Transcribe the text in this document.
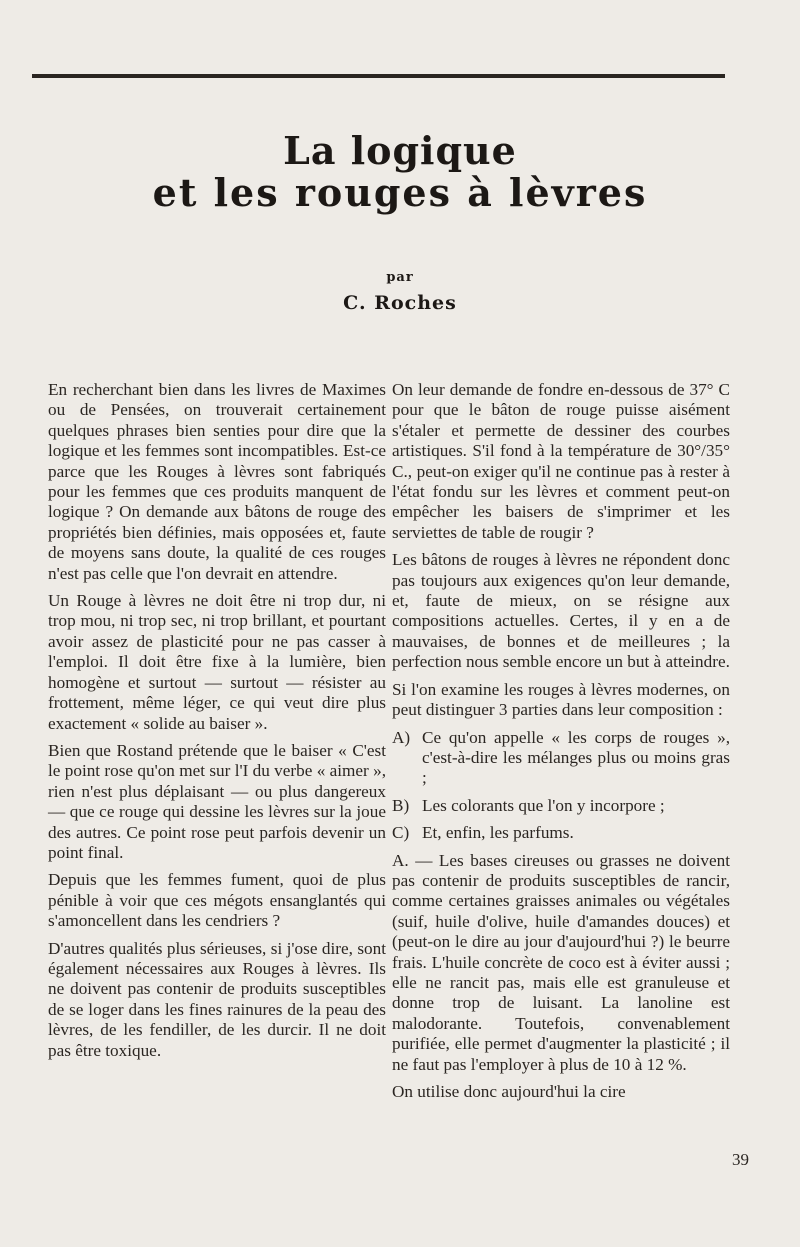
La logique
et les rouges à lèvres
par
C. Roches

En recherchant bien dans les livres de Maximes ou de Pensées, on trouverait certainement quelques phrases bien senties pour dire que la logique et les femmes sont incompatibles. Est-ce parce que les Rouges à lèvres sont fabriqués pour les femmes que ces produits manquent de logique ? On demande aux bâtons de rouge des propriétés bien définies, mais opposées et, faute de moyens sans doute, la qualité de ces rouges n'est pas celle que l'on devrait en attendre.

Un Rouge à lèvres ne doit être ni trop dur, ni trop mou, ni trop sec, ni trop brillant, et pourtant avoir assez de plasticité pour ne pas casser à l'emploi. Il doit être fixe à la lumière, bien homogène et surtout — surtout — résister au frottement, même léger, ce qui veut dire plus exactement « solide au baiser ».

Bien que Rostand prétende que le baiser « C'est le point rose qu'on met sur l'I du verbe « aimer », rien n'est plus déplaisant — ou plus dangereux — que ce rouge qui dessine les lèvres sur la joue des autres. Ce point rose peut parfois devenir un point final.

Depuis que les femmes fument, quoi de plus pénible à voir que ces mégots ensanglantés qui s'amoncellent dans les cendriers ?

D'autres qualités plus sérieuses, si j'ose dire, sont également nécessaires aux Rouges à lèvres. Ils ne doivent pas contenir de produits susceptibles de se loger dans les fines rainures de la peau des lèvres, de les fendiller, de les durcir. Il ne doit pas être toxique.

On leur demande de fondre en-dessous de 37° C pour que le bâton de rouge puisse aisément s'étaler et permette de dessiner des courbes artistiques. S'il fond à la température de 30°/35° C., peut-on exiger qu'il ne continue pas à rester à l'état fondu sur les lèvres et comment peut-on empêcher les baisers de s'imprimer et les serviettes de table de rougir ?

Les bâtons de rouges à lèvres ne répondent donc pas toujours aux exigences qu'on leur demande, et, faute de mieux, on se résigne aux compositions actuelles. Certes, il y en a de mauvaises, de bonnes et de meilleures ; la perfection nous semble encore un but à atteindre.

Si l'on examine les rouges à lèvres modernes, on peut distinguer 3 parties dans leur composition :

A) Ce qu'on appelle « les corps de rouges », c'est-à-dire les mélanges plus ou moins gras ;
B) Les colorants que l'on y incorpore ;
C) Et, enfin, les parfums.

A. — Les bases cireuses ou grasses ne doivent pas contenir de produits susceptibles de rancir, comme certaines graisses animales ou végétales (suif, huile d'olive, huile d'amandes douces) et (peut-on le dire au jour d'aujourd'hui ?) le beurre frais. L'huile concrète de coco est à éviter aussi ; elle ne rancit pas, mais elle est granuleuse et donne trop de luisant. La lanoline est malodorante. Toutefois, convenablement purifiée, elle permet d'augmenter la plasticité ; il ne faut pas l'employer à plus de 10 à 12 %.

On utilise donc aujourd'hui la cire

39
